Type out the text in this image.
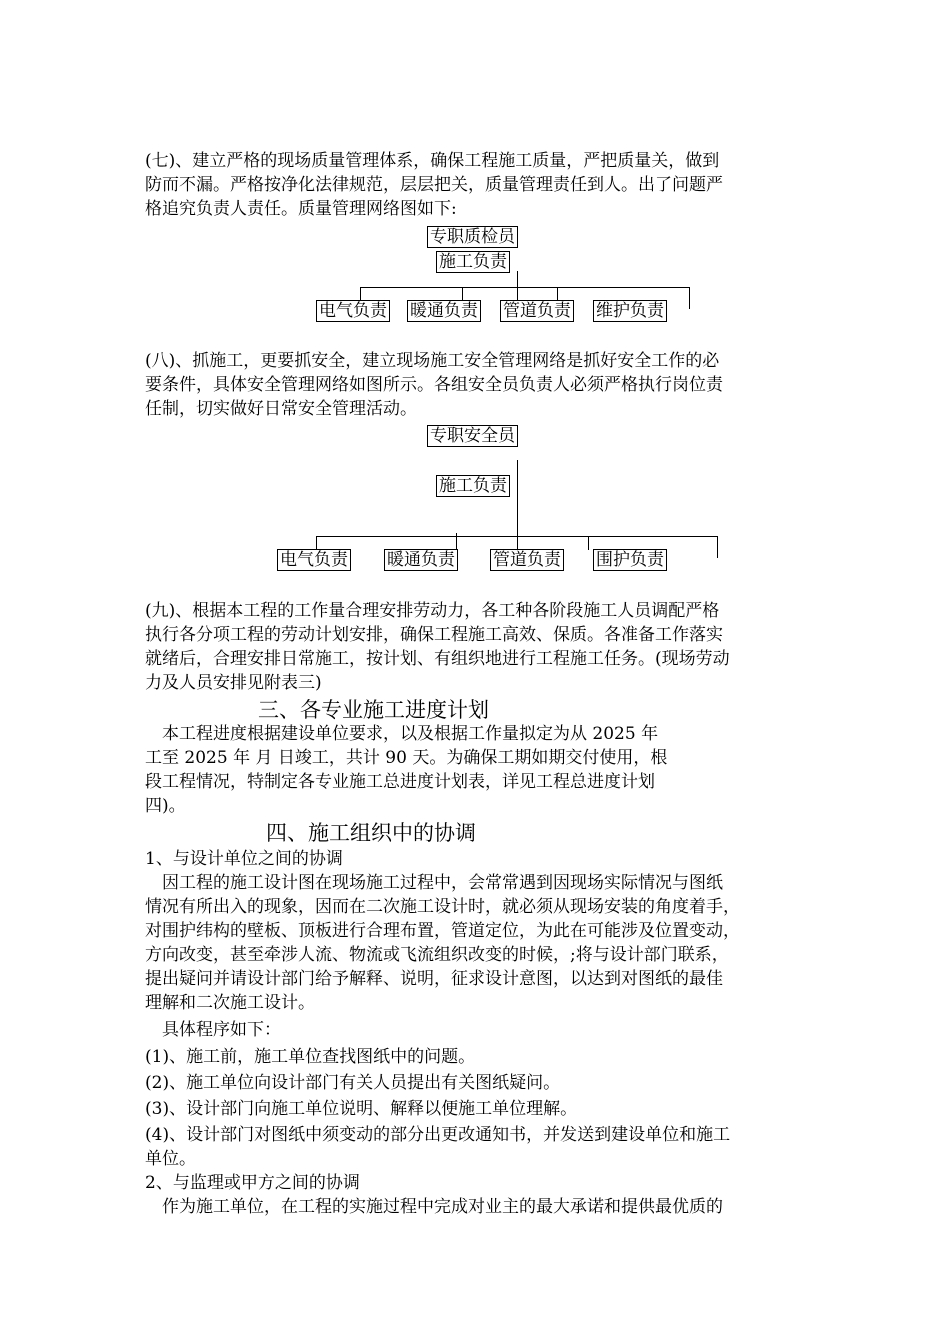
(七)、建立严格的现场质量管理体系，确保工程施工质量，严把质量关，做到
防而不漏。严格按净化法律规范，层层把关，质量管理责任到人。出了问题严
格追究负责人责任。质量管理网络图如下:
专职质检员
施工负责
电气负责 暖通负责 管道负责 维护负责
(八)、抓施工，更要抓安全，建立现场施工安全管理网络是抓好安全工作的必
要条件，具体安全管理网络如图所示。各组安全员负责人必须严格执行岗位责
任制，切实做好日常安全管理活动。
专职安全员
施工负责
电气负责 暖通负责 管道负责 围护负责
(九)、根据本工程的工作量合理安排劳动力，各工种各阶段施工人员调配严格
执行各分项工程的劳动计划安排，确保工程施工高效、保质。各准备工作落实
就绪后，合理安排日常施工，按计划、有组织地进行工程施工任务。(现场劳动
力及人员安排见附表三)
三、各专业施工进度计划
　本工程进度根据建设单位要求，以及根据工作量拟定为从 2025 年
工至 2025 年 月 日竣工，共计 90 天。为确保工期如期交付使用，根
段工程情况，特制定各专业施工总进度计划表，详见工程总进度计划
四)。
四、施工组织中的协调
1、与设计单位之间的协调
　因工程的施工设计图在现场施工过程中，会常常遇到因现场实际情况与图纸
情况有所出入的现象，因而在二次施工设计时，就必须从现场安装的角度着手，
对围护纬构的壁板、顶板进行合理布置，管道定位，为此在可能涉及位置变动，
方向改变，甚至牵涉人流、物流或飞流组织改变的时候，;将与设计部门联系，
提出疑问并请设计部门给予解释、说明，征求设计意图，以达到对图纸的最佳
理解和二次施工设计。
　具体程序如下：
(1)、施工前，施工单位查找图纸中的问题。
(2)、施工单位向设计部门有关人员提出有关图纸疑问。
(3)、设计部门向施工单位说明、解释以便施工单位理解。
(4)、设计部门对图纸中须变动的部分出更改通知书，并发送到建设单位和施工
单位。
2、与监理或甲方之间的协调
　作为施工单位，在工程的实施过程中完成对业主的最大承诺和提供最优质的
